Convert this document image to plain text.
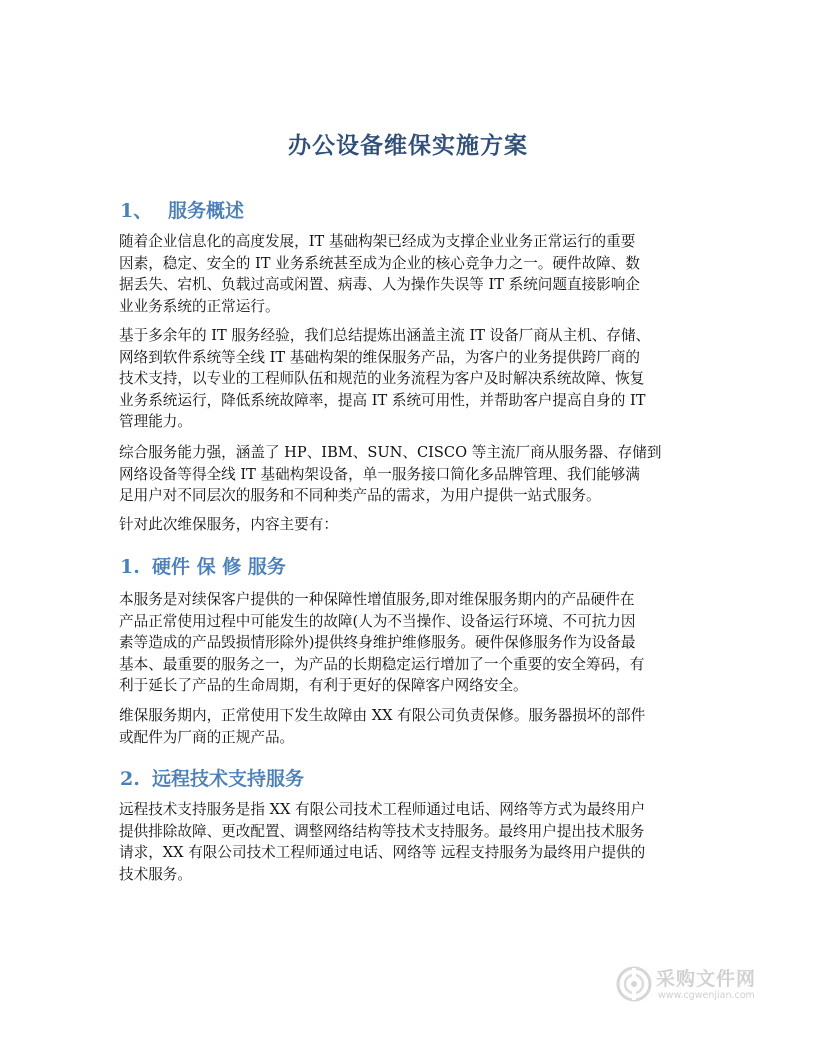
办公设备维保实施方案
1、 服务概述
随着企业信息化的高度发展，IT 基础构架已经成为支撑企业业务正常运行的重要
因素，稳定、安全的 IT 业务系统甚至成为企业的核心竞争力之一。硬件故障、数
据丢失、宕机、负载过高或闲置、病毒、人为操作失误等 IT 系统问题直接影响企
业业务系统的正常运行。
基于多余年的 IT 服务经验，我们总结提炼出涵盖主流 IT 设备厂商从主机、存储、
网络到软件系统等全线 IT 基础构架的维保服务产品，为客户的业务提供跨厂商的
技术支持，以专业的工程师队伍和规范的业务流程为客户及时解决系统故障、恢复
业务系统运行，降低系统故障率，提高 IT 系统可用性，并帮助客户提高自身的 IT
管理能力。
综合服务能力强，涵盖了 HP、IBM、SUN、CISCO 等主流厂商从服务器、存储到
网络设备等得全线 IT 基础构架设备，单一服务接口简化多品牌管理、我们能够满
足用户对不同层次的服务和不同种类产品的需求，为用户提供一站式服务。
针对此次维保服务，内容主要有：
1. 硬件 保 修 服务
本服务是对续保客户提供的一种保障性增值服务,即对维保服务期内的产品硬件在
产品正常使用过程中可能发生的故障(人为不当操作、设备运行环境、不可抗力因
素等造成的产品毁损情形除外)提供终身维护维修服务。硬件保修服务作为设备最
基本、最重要的服务之一，为产品的长期稳定运行增加了一个重要的安全筹码，有
利于延长了产品的生命周期，有利于更好的保障客户网络安全。
维保服务期内，正常使用下发生故障由 XX 有限公司负责保修。服务器损坏的部件
或配件为厂商的正规产品。
2. 远程技术支持服务
远程技术支持服务是指 XX 有限公司技术工程师通过电话、网络等方式为最终用户
提供排除故障、更改配置、调整网络结构等技术支持服务。最终用户提出技术服务
请求，XX 有限公司技术工程师通过电话、网络等 远程支持服务为最终用户提供的
技术服务。
采购文件网
www.cgwenjian.com
